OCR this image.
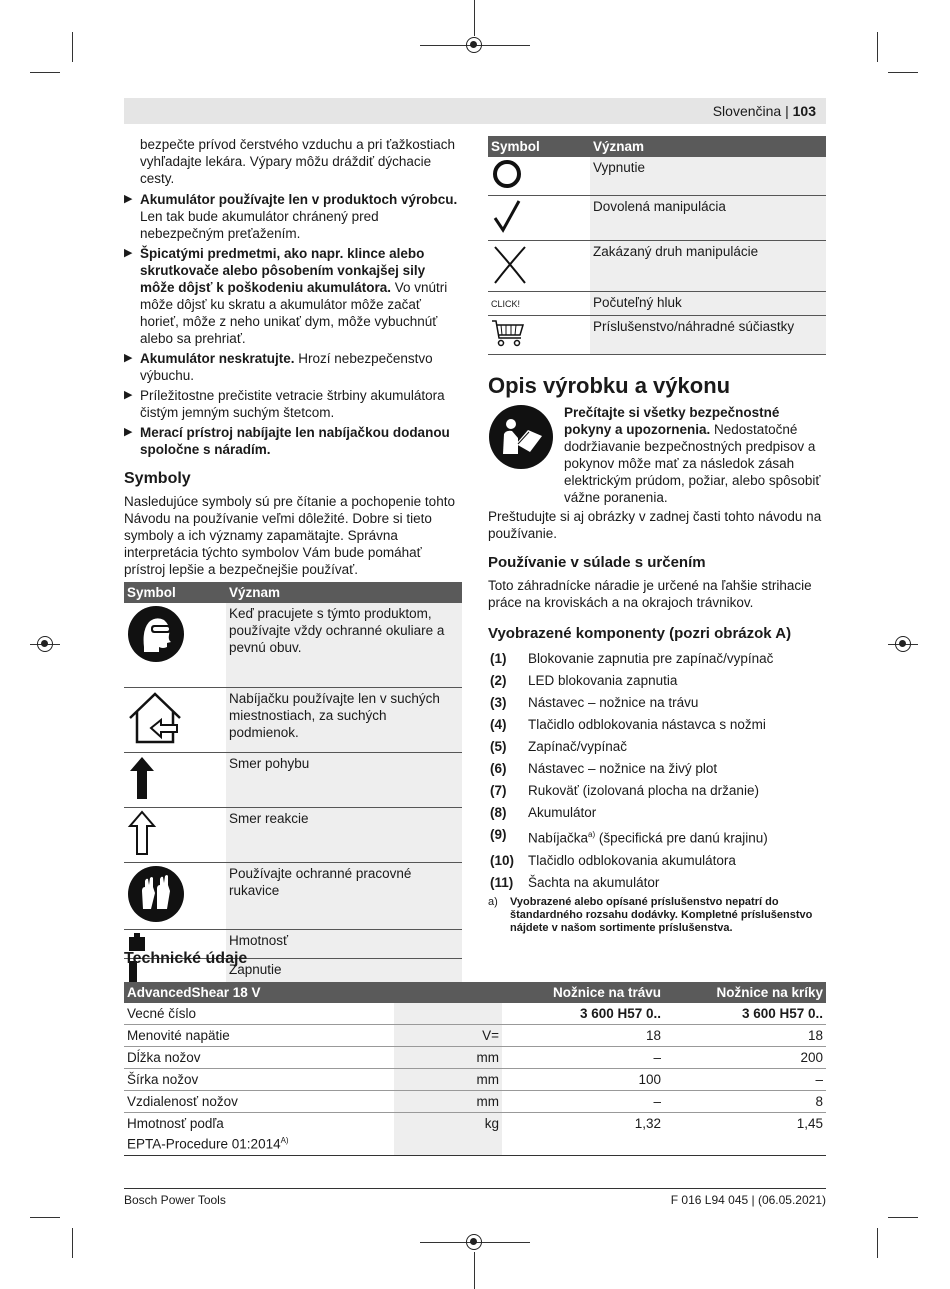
Slovenčina | 103
bezpečte prívod čerstvého vzduchu a pri ťažkostiach vyhľadajte lekára. Výpary môžu dráždiť dýchacie cesty.
▶ Akumulátor používajte len v produktoch výrobcu. Len tak bude akumulátor chránený pred nebezpečným preťažením.
▶ Špicatými predmetmi, ako napr. klince alebo skrutkovače alebo pôsobením vonkajšej sily môže dôjsť k poškodeniu akumulátora. Vo vnútri môže dôjsť ku skratu a akumulátor môže začať horieť, môže z neho unikať dym, môže vybuchnúť alebo sa prehriať.
▶ Akumulátor neskratujte. Hrozí nebezpečenstvo výbuchu.
▶ Príležitostne prečistite vetracie štrbiny akumulátora čistým jemným suchým štetcom.
▶ Merací prístroj nabíjajte len nabíjačkou dodanou spoločne s náradím.
Symboly
Nasledujúce symboly sú pre čítanie a pochopenie tohto Návodu na používanie veľmi dôležité. Dobre si tieto symboly a ich významy zapamätajte. Správna interpretácia týchto symbolov Vám bude pomáhať prístroj lepšie a bezpečnejšie používať.
Symbol	Význam
	Keď pracujete s týmto produktom, používajte vždy ochranné okuliare a pevnú obuv.
	Nabíjačku používajte len v suchých miestnostiach, za suchých podmienok.
	Smer pohybu
	Smer reakcie
	Používajte ochranné pracovné rukavice
	Hmotnosť
	Zapnutie
Symbol	Význam
	Vypnutie
	Dovolená manipulácia
	Zakázaný druh manipulácie
CLICK!	Počuteľný hluk
	Príslušenstvo/náhradné súčiastky
Opis výrobku a výkonu
Prečítajte si všetky bezpečnostné pokyny a upozornenia. Nedostatočné dodržiavanie bezpečnostných predpisov a pokynov môže mať za následok zásah elektrickým prúdom, požiar, alebo spôsobiť vážne poranenia.
Preštudujte si aj obrázky v zadnej časti tohto návodu na používanie.
Používanie v súlade s určením
Toto záhradnícke náradie je určené na ľahšie strihacie práce na kroviskách a na okrajoch trávnikov.
Vyobrazené komponenty (pozri obrázok A)
(1)	Blokovanie zapnutia pre zapínač/vypínač
(2)	LED blokovania zapnutia
(3)	Nástavec – nožnice na trávu
(4)	Tlačidlo odblokovania nástavca s nožmi
(5)	Zapínač/vypínač
(6)	Nástavec – nožnice na živý plot
(7)	Rukoväť (izolovaná plocha na držanie)
(8)	Akumulátor
(9)	Nabíjačka$^{a)}$ (špecifická pre danú krajinu)
(10)	Tlačidlo odblokovania akumulátora
(11)	Šachta na akumulátor
a)	Vyobrazené alebo opísané príslušenstvo nepatrí do štandardného rozsahu dodávky. Kompletné príslušenstvo nájdete v našom sortimente príslušenstva.
Technické údaje
AdvancedShear 18 V		Nožnice na trávu	Nožnice na kríky
Vecné číslo		3 600 H57 0..	3 600 H57 0..
Menovité napätie	V=	18	18
Dĺžka nožov	mm	–	200
Šírka nožov	mm	100	–
Vzdialenosť nožov	mm	–	8

Hmotnosť podľa
EPTA-Procedure $01:2014^{A)}$	kg	1,32	1,45
Bosch Power Tools	F 016 L94 045 | (06.05.2021)
